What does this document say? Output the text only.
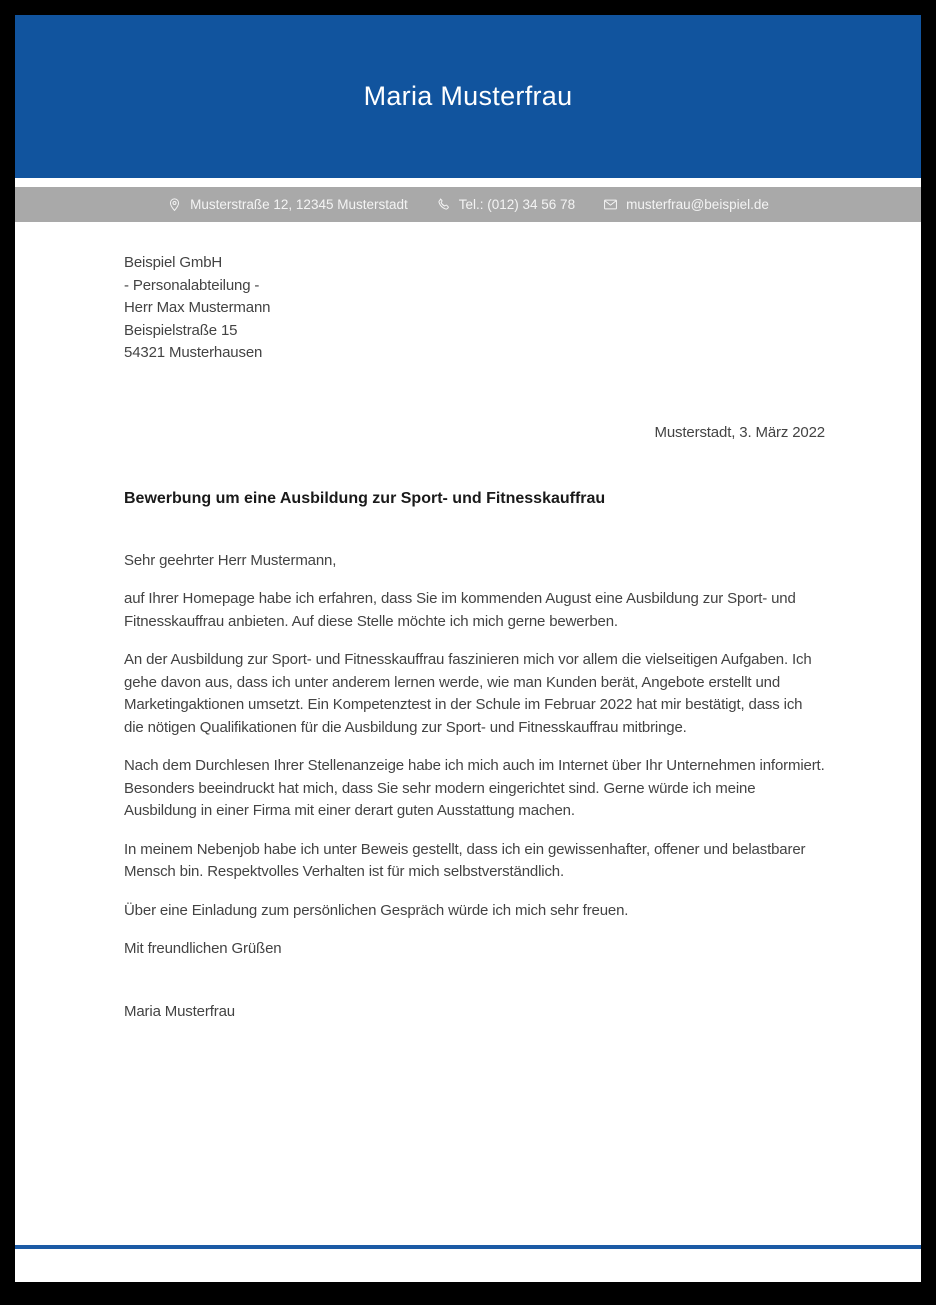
Maria Musterfrau
Musterstraße 12, 12345 Musterstadt	Tel.: (012) 34 56 78	musterfrau@beispiel.de
Beispiel GmbH
- Personalabteilung -
Herr Max Mustermann
Beispielstraße 15
54321 Musterhausen
Musterstadt, 3. März 2022
Bewerbung um eine Ausbildung zur Sport- und Fitnesskauffrau

Sehr geehrter Herr Mustermann,

auf Ihrer Homepage habe ich erfahren, dass Sie im kommenden August eine Ausbildung zur Sport- und Fitnesskauffrau anbieten. Auf diese Stelle möchte ich mich gerne bewerben.

An der Ausbildung zur Sport- und Fitnesskauffrau faszinieren mich vor allem die vielseitigen Aufgaben. Ich gehe davon aus, dass ich unter anderem lernen werde, wie man Kunden berät, Angebote erstellt und Marketingaktionen umsetzt. Ein Kompetenztest in der Schule im Februar 2022 hat mir bestätigt, dass ich die nötigen Qualifikationen für die Ausbildung zur Sport- und Fitnesskauffrau mitbringe.

Nach dem Durchlesen Ihrer Stellenanzeige habe ich mich auch im Internet über Ihr Unternehmen informiert. Besonders beeindruckt hat mich, dass Sie sehr modern eingerichtet sind. Gerne würde ich meine Ausbildung in einer Firma mit einer derart guten Ausstattung machen.

In meinem Nebenjob habe ich unter Beweis gestellt, dass ich ein gewissenhafter, offener und belastbarer Mensch bin. Respektvolles Verhalten ist für mich selbstverständlich.

Über eine Einladung zum persönlichen Gespräch würde ich mich sehr freuen.

Mit freundlichen Grüßen

Maria Musterfrau
